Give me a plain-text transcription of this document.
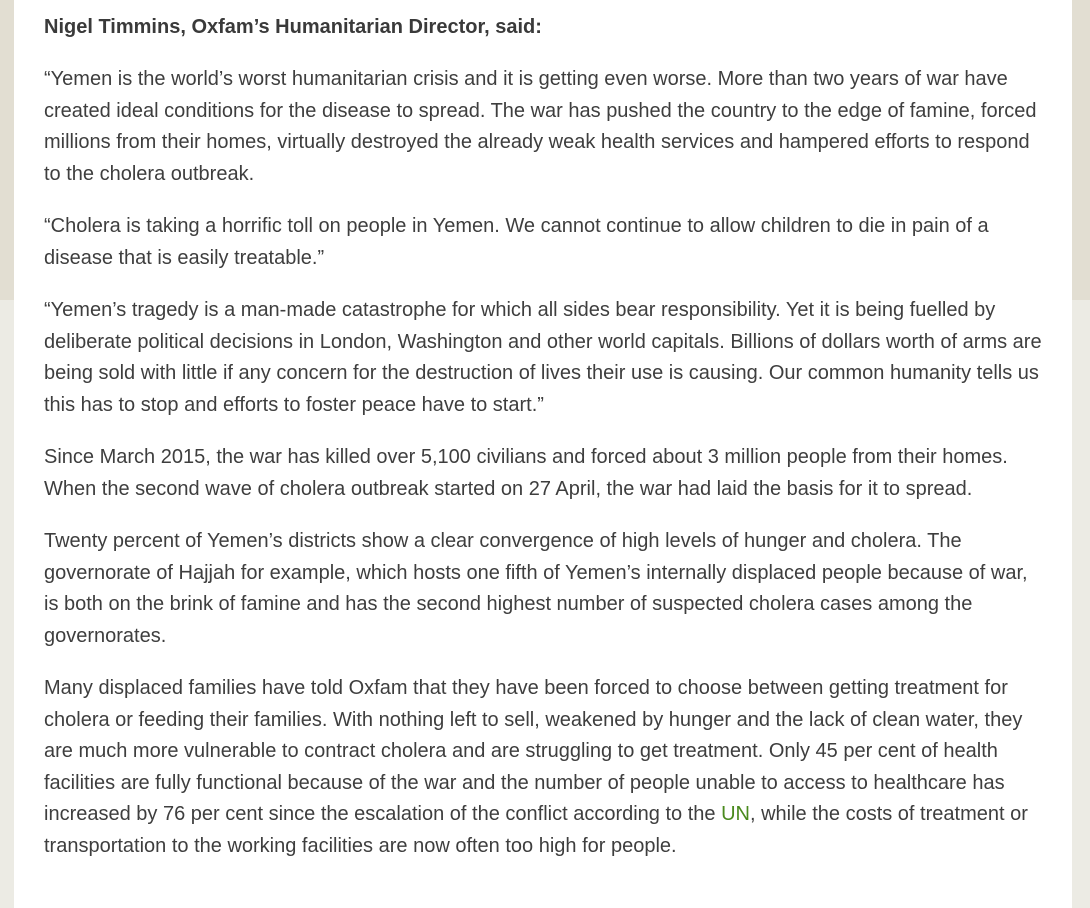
Nigel Timmins, Oxfam’s Humanitarian Director, said:

“Yemen is the world’s worst humanitarian crisis and it is getting even worse. More than two years of war have created ideal conditions for the disease to spread. The war has pushed the country to the edge of famine, forced millions from their homes, virtually destroyed the already weak health services and hampered efforts to respond to the cholera outbreak.

“Cholera is taking a horrific toll on people in Yemen. We cannot continue to allow children to die in pain of a disease that is easily treatable.”

“Yemen’s tragedy is a man-made catastrophe for which all sides bear responsibility. Yet it is being fuelled by deliberate political decisions in London, Washington and other world capitals. Billions of dollars worth of arms are being sold with little if any concern for the destruction of lives their use is causing. Our common humanity tells us this has to stop and efforts to foster peace have to start.”

Since March 2015, the war has killed over 5,100 civilians and forced about 3 million people from their homes. When the second wave of cholera outbreak started on 27 April, the war had laid the basis for it to spread.

Twenty percent of Yemen’s districts show a clear convergence of high levels of hunger and cholera. The governorate of Hajjah for example, which hosts one fifth of Yemen’s internally displaced people because of war, is both on the brink of famine and has the second highest number of suspected cholera cases among the governorates.

Many displaced families have told Oxfam that they have been forced to choose between getting treatment for cholera or feeding their families. With nothing left to sell, weakened by hunger and the lack of clean water, they are much more vulnerable to contract cholera and are struggling to get treatment. Only 45 per cent of health facilities are fully functional because of the war and the number of people unable to access to healthcare has increased by 76 per cent since the escalation of the conflict according to the UN, while the costs of treatment or transportation to the working facilities are now often too high for people.
